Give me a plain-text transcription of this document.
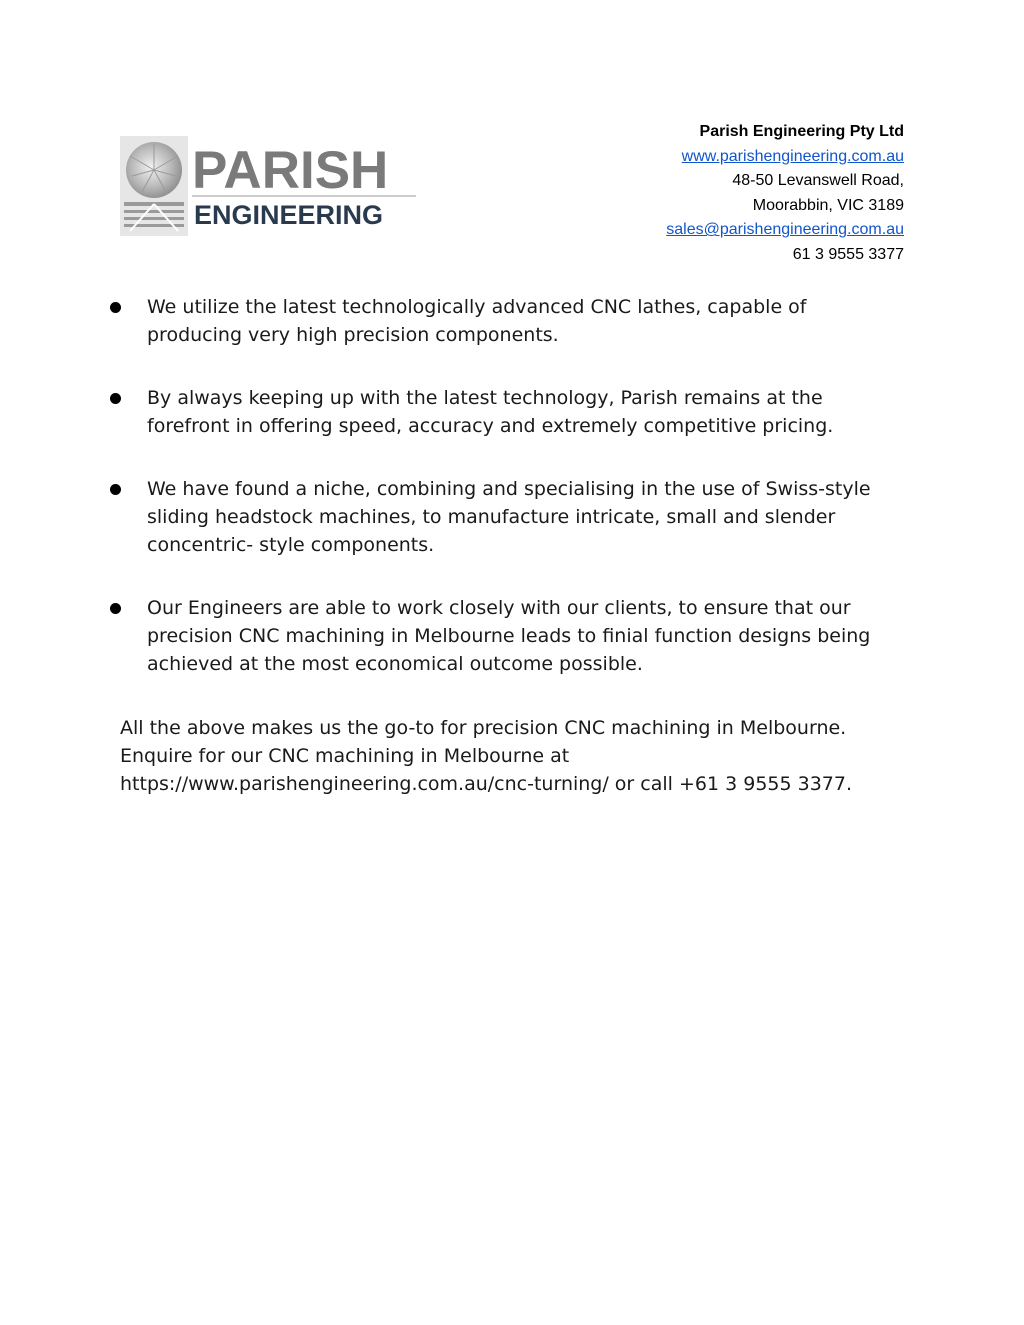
PARISH
ENGINEERING
Parish Engineering Pty Ltd
www.parishengineering.com.au
48-50 Levanswell Road,
Moorabbin, VIC 3189
sales@parishengineering.com.au
61 3 9555 3377
We utilize the latest technologically advanced CNC lathes, capable of producing very high precision components.
By always keeping up with the latest technology, Parish remains at the forefront in offering speed, accuracy and extremely competitive pricing.
We have found a niche, combining and specialising in the use of Swiss-style sliding headstock machines, to manufacture intricate, small and slender concentric- style components.
Our Engineers are able to work closely with our clients, to ensure that our precision CNC machining in Melbourne leads to finial function designs being achieved at the most economical outcome possible.

All the above makes us the go-to for precision CNC machining in Melbourne. Enquire for our CNC machining in Melbourne at https://www.parishengineering.com.au/cnc-turning/ or call +61 3 9555 3377.
